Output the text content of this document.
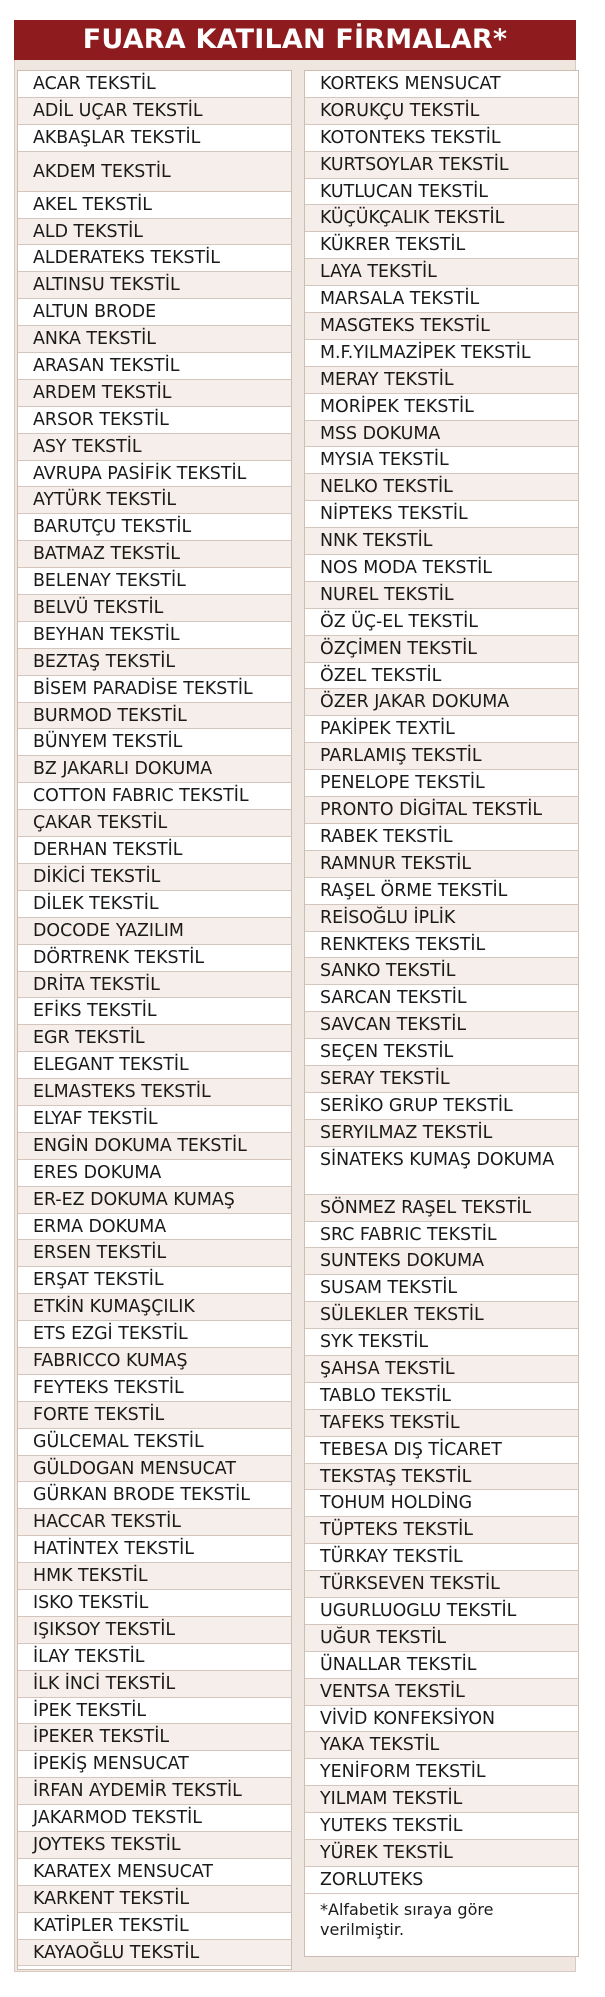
FUARA KATILAN FİRMALAR*
ACAR TEKSTİL
ADİL UÇAR TEKSTİL
AKBAŞLAR TEKSTİL
AKDEM TEKSTİL
AKEL TEKSTİL
ALD TEKSTİL
ALDERATEKS TEKSTİL
ALTINSU TEKSTİL
ALTUN BRODE
ANKA TEKSTİL
ARASAN TEKSTİL
ARDEM TEKSTİL
ARSOR TEKSTİL
ASY TEKSTİL
AVRUPA PASİFİK TEKSTİL
AYTÜRK TEKSTİL
BARUTÇU TEKSTİL
BATMAZ TEKSTİL
BELENAY TEKSTİL
BELVÜ TEKSTİL
BEYHAN TEKSTİL
BEZTAŞ TEKSTİL
BİSEM PARADİSE TEKSTİL
BURMOD TEKSTİL
BÜNYEM TEKSTİL
BZ JAKARLI DOKUMA
COTTON FABRIC TEKSTİL
ÇAKAR TEKSTİL
DERHAN TEKSTİL
DİKİCİ TEKSTİL
DİLEK TEKSTİL
DOCODE YAZILIM
DÖRTRENK TEKSTİL
DRİTA TEKSTİL
EFİKS TEKSTİL
EGR TEKSTİL
ELEGANT TEKSTİL
ELMASTEKS TEKSTİL
ELYAF TEKSTİL
ENGİN DOKUMA TEKSTİL
ERES DOKUMA
ER-EZ DOKUMA KUMAŞ
ERMA DOKUMA
ERSEN TEKSTİL
ERŞAT TEKSTİL
ETKİN KUMAŞÇILIK
ETS EZGİ TEKSTİL
FABRICCO KUMAŞ
FEYTEKS TEKSTİL
FORTE TEKSTİL
GÜLCEMAL TEKSTİL
GÜLDOGAN MENSUCAT
GÜRKAN BRODE TEKSTİL
HACCAR TEKSTİL
HATİNTEX TEKSTİL
HMK TEKSTİL
ISKO TEKSTİL
IŞIKSOY TEKSTİL
İLAY TEKSTİL
İLK İNCİ TEKSTİL
İPEK TEKSTİL
İPEKER TEKSTİL
İPEKİŞ MENSUCAT
İRFAN AYDEMİR TEKSTİL
JAKARMOD TEKSTİL
JOYTEKS TEKSTİL
KARATEX MENSUCAT
KARKENT TEKSTİL
KATİPLER TEKSTİL
KAYAOĞLU TEKSTİL
KORTEKS MENSUCAT
KORUKÇU TEKSTİL
KOTONTEKS TEKSTİL
KURTSOYLAR TEKSTİL
KUTLUCAN TEKSTİL
KÜÇÜKÇALIK TEKSTİL
KÜKRER TEKSTİL
LAYA TEKSTİL
MARSALA TEKSTİL
MASGTEKS TEKSTİL
M.F.YILMAZİPEK TEKSTİL
MERAY TEKSTİL
MORİPEK TEKSTİL
MSS DOKUMA
MYSIA TEKSTİL
NELKO TEKSTİL
NİPTEKS TEKSTİL
NNK TEKSTİL
NOS MODA TEKSTİL
NUREL TEKSTİL
ÖZ ÜÇ-EL TEKSTİL
ÖZÇİMEN TEKSTİL
ÖZEL TEKSTİL
ÖZER JAKAR DOKUMA
PAKİPEK TEXTİL
PARLAMIŞ TEKSTİL
PENELOPE TEKSTİL
PRONTO DİGİTAL TEKSTİL
RABEK TEKSTİL
RAMNUR TEKSTİL
RAŞEL ÖRME TEKSTİL
REİSOĞLU İPLİK
RENKTEKS TEKSTİL
SANKO TEKSTİL
SARCAN TEKSTİL
SAVCAN TEKSTİL
SEÇEN TEKSTİL
SERAY TEKSTİL
SERİKO GRUP TEKSTİL
SERYILMAZ TEKSTİL
SİNATEKS KUMAŞ DOKUMA
SÖNMEZ RAŞEL TEKSTİL
SRC FABRIC TEKSTİL
SUNTEKS DOKUMA
SUSAM TEKSTİL
SÜLEKLER TEKSTİL
SYK TEKSTİL
ŞAHSA TEKSTİL
TABLO TEKSTİL
TAFEKS TEKSTİL
TEBESA DIŞ TİCARET
TEKSTAŞ TEKSTİL
TOHUM HOLDİNG
TÜPTEKS TEKSTİL
TÜRKAY TEKSTİL
TÜRKSEVEN TEKSTİL
UGURLUOGLU TEKSTİL
UĞUR TEKSTİL
ÜNALLAR TEKSTİL
VENTSA TEKSTİL
VİVİD KONFEKSİYON
YAKA TEKSTİL
YENİFORM TEKSTİL
YILMAM TEKSTİL
YUTEKS TEKSTİL
YÜREK TEKSTİL
ZORLUTEKS
*Alfabetik sıraya göre verilmiştir.
